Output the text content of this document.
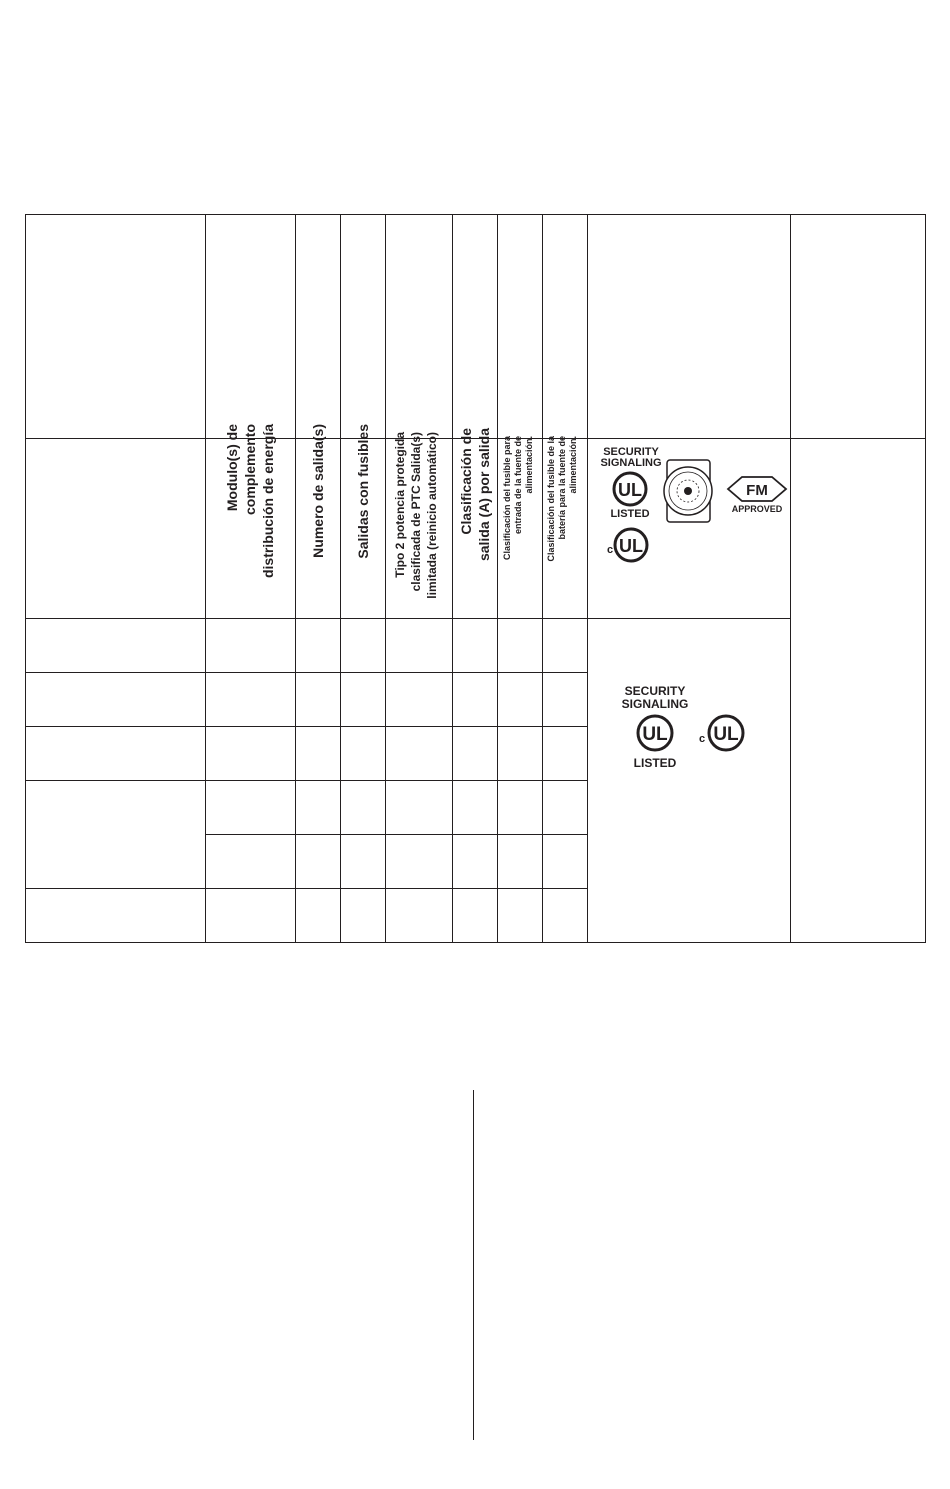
Modulo(s) de complemento distribución de energía Numero de salida(s) Salidas con fusibles Tipo 2 potencia protegida clasificada de PTC Salida(s) limitada (reinicio automático) Clasificación de salida (A) por salida Clasificación del fusible para entrada de la fuente de alimentación. Clasificación del fusible de la batería para la fuente de alimentación. SECURITY
SIGNALING
UL
LISTED
FM
APPROVED
c UL
SECURITY
SIGNALING
UL
LISTED
c UL
